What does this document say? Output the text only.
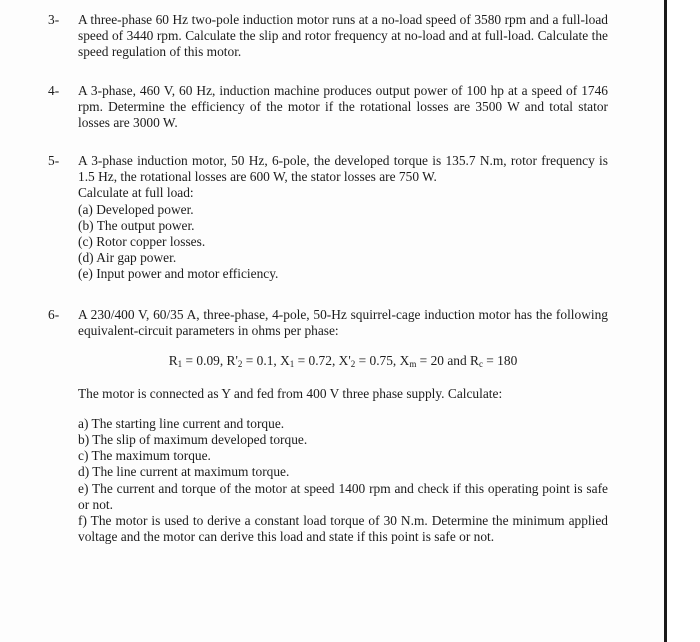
3-	A three-phase 60 Hz two-pole induction motor runs at a no-load speed of 3580 rpm and a full-load speed of 3440 rpm. Calculate the slip and rotor frequency at no-load and at full-load. Calculate the speed regulation of this motor.
4-	A 3-phase, 460 V, 60 Hz, induction machine produces output power of 100 hp at a speed of 1746 rpm. Determine the efficiency of the motor if the rotational losses are 3500 W and total stator losses are 3000 W.
5-	A 3-phase induction motor, 50 Hz, 6-pole, the developed torque is 135.7 N.m, rotor frequency is 1.5 Hz, the rotational losses are 600 W, the stator losses are 750 W.
Calculate at full load:
(a) Developed power.
(b) The output power.
(c) Rotor copper losses.
(d) Air gap power.
(e) Input power and motor efficiency.
6-	A 230/400 V, 60/35 A, three-phase, 4-pole, 50-Hz squirrel-cage induction motor has the following equivalent-circuit parameters in ohms per phase:
$R_1 = 0.09$, $R'_2 = 0.1$, $X_1 = 0.72$, $X'_2 = 0.75$, $X_m = 20$ and $R_c = 180$
The motor is connected as Y and fed from 400 V three phase supply. Calculate:
a) The starting line current and torque.
b) The slip of maximum developed torque.
c) The maximum torque.
d) The line current at maximum torque.
e) The current and torque of the motor at speed 1400 rpm and check if this operating point is safe or not.
f) The motor is used to derive a constant load torque of 30 N.m. Determine the minimum applied voltage and the motor can derive this load and state if this point is safe or not.
